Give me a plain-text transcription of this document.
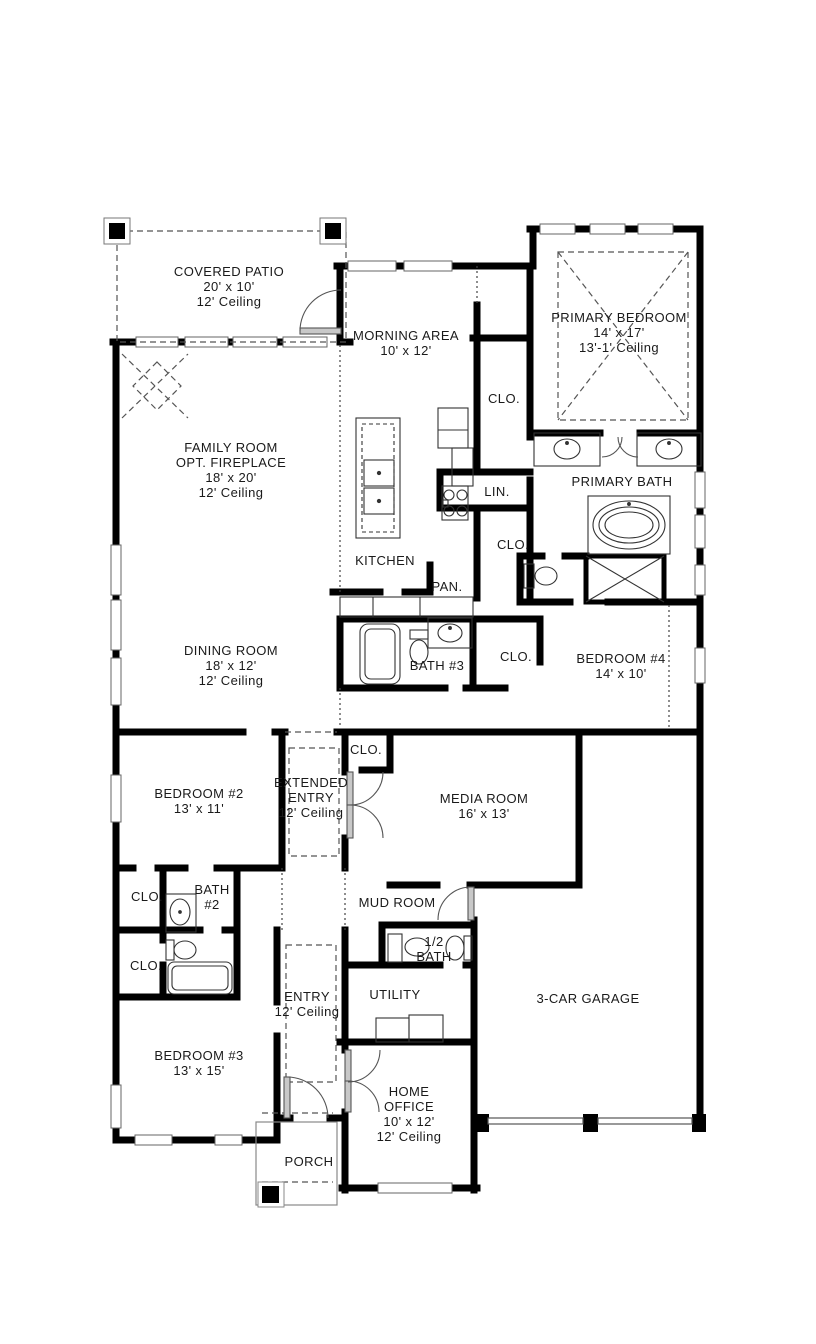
COVERED PATIO
20' x 10'
12' Ceiling
MORNING AREA
10' x 12'
PRIMARY BEDROOM
14' x 17'
13'-1' Ceiling
FAMILY ROOM
OPT. FIREPLACE
18' x 20'
12' Ceiling
CLO.
LIN.
PRIMARY BATH
CLO.
KITCHEN
PAN.
DINING ROOM
18' x 12'
12' Ceiling
BATH #3
CLO.	BEDROOM #4
14' x 10'
CLO.
BEDROOM #2
13' x 11'
EXTENDED
ENTRY
12' Ceiling
MEDIA ROOM
16' x 13'
CLO. BATH
#2	MUD ROOM
1/2
BATH
CLO.
ENTRY
12' Ceiling
UTILITY	3-CAR GARAGE
BEDROOM #3
13' x 15'
HOME
OFFICE
10' x 12'
12' Ceiling
PORCH
